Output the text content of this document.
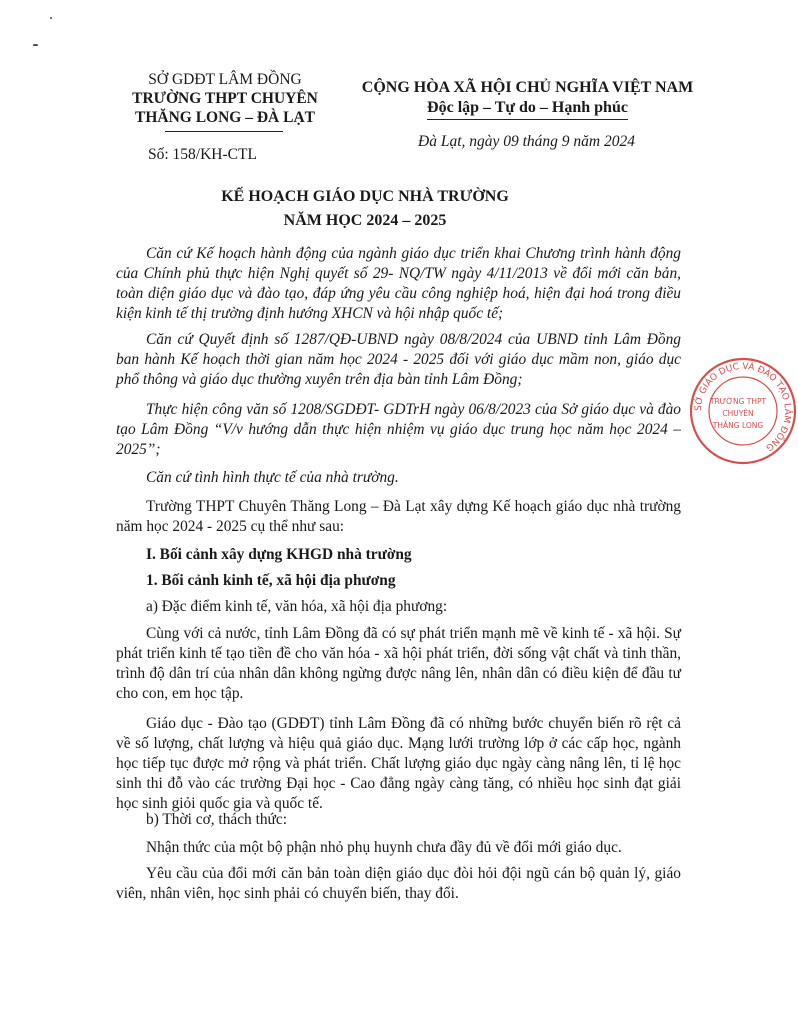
SỞ GDĐT LÂM ĐỒNG
TRƯỜNG THPT CHUYÊN
THĂNG LONG – ĐÀ LẠT
Số: 158/KH-CTL
CỘNG HÒA XÃ HỘI CHỦ NGHĨA VIỆT NAM
Độc lập – Tự do – Hạnh phúc
Đà Lạt, ngày 09 tháng 9 năm 2024
KẾ HOẠCH GIÁO DỤC NHÀ TRƯỜNG
NĂM HỌC 2024 – 2025
Căn cứ Kế hoạch hành động của ngành giáo dục triển khai Chương trình hành động của Chính phủ thực hiện Nghị quyết số 29- NQ/TW ngày 4/11/2013 về đổi mới căn bản, toàn diện giáo dục và đào tạo, đáp ứng yêu cầu công nghiệp hoá, hiện đại hoá trong điều kiện kinh tế thị trường định hướng XHCN và hội nhập quốc tế;
Căn cứ Quyết định số 1287/QĐ-UBND ngày 08/8/2024 của UBND tỉnh Lâm Đồng ban hành Kế hoạch thời gian năm học 2024 - 2025 đối với giáo dục mầm non, giáo dục phổ thông và giáo dục thường xuyên trên địa bàn tỉnh Lâm Đồng;
Thực hiện công văn số 1208/SGDĐT- GDTrH ngày 06/8/2023 của Sở giáo dục và đào tạo Lâm Đồng “V/v hướng dẫn thực hiện nhiệm vụ giáo dục trung học năm học 2024 – 2025”;
Căn cứ tình hình thực tế của nhà trường.
Trường THPT Chuyên Thăng Long – Đà Lạt xây dựng Kế hoạch giáo dục nhà trường năm học 2024 - 2025 cụ thể như sau:
I. Bối cảnh xây dựng KHGD nhà trường
1. Bối cảnh kinh tế, xã hội địa phương
a) Đặc điểm kinh tế, văn hóa, xã hội địa phương:
Cùng với cả nước, tỉnh Lâm Đồng đã có sự phát triển mạnh mẽ về kinh tế - xã hội. Sự phát triển kinh tế tạo tiền đề cho văn hóa - xã hội phát triển, đời sống vật chất và tinh thần, trình độ dân trí của nhân dân không ngừng được nâng lên, nhân dân có điều kiện để đầu tư cho con, em học tập.
Giáo dục - Đào tạo (GDĐT) tỉnh Lâm Đồng đã có những bước chuyển biến rõ rệt cả về số lượng, chất lượng và hiệu quả giáo dục. Mạng lưới trường lớp ở các cấp học, ngành học tiếp tục được mở rộng và phát triển. Chất lượng giáo dục ngày càng nâng lên, tỉ lệ học sinh thi đỗ vào các trường Đại học - Cao đẳng ngày càng tăng, có nhiều học sinh đạt giải học sinh giỏi quốc gia và quốc tế.
b) Thời cơ, thách thức:
Nhận thức của một bộ phận nhỏ phụ huynh chưa đầy đủ về đổi mới giáo dục.
Yêu cầu của đổi mới căn bản toàn diện giáo dục đòi hỏi đội ngũ cán bộ quản lý, giáo viên, nhân viên, học sinh phải có chuyển biến, thay đổi.
SỞ GIÁO DỤC VÀ ĐÀO TẠO LÂM ĐỒNG
TRƯỜNG THPT
CHUYÊN
THĂNG LONG
